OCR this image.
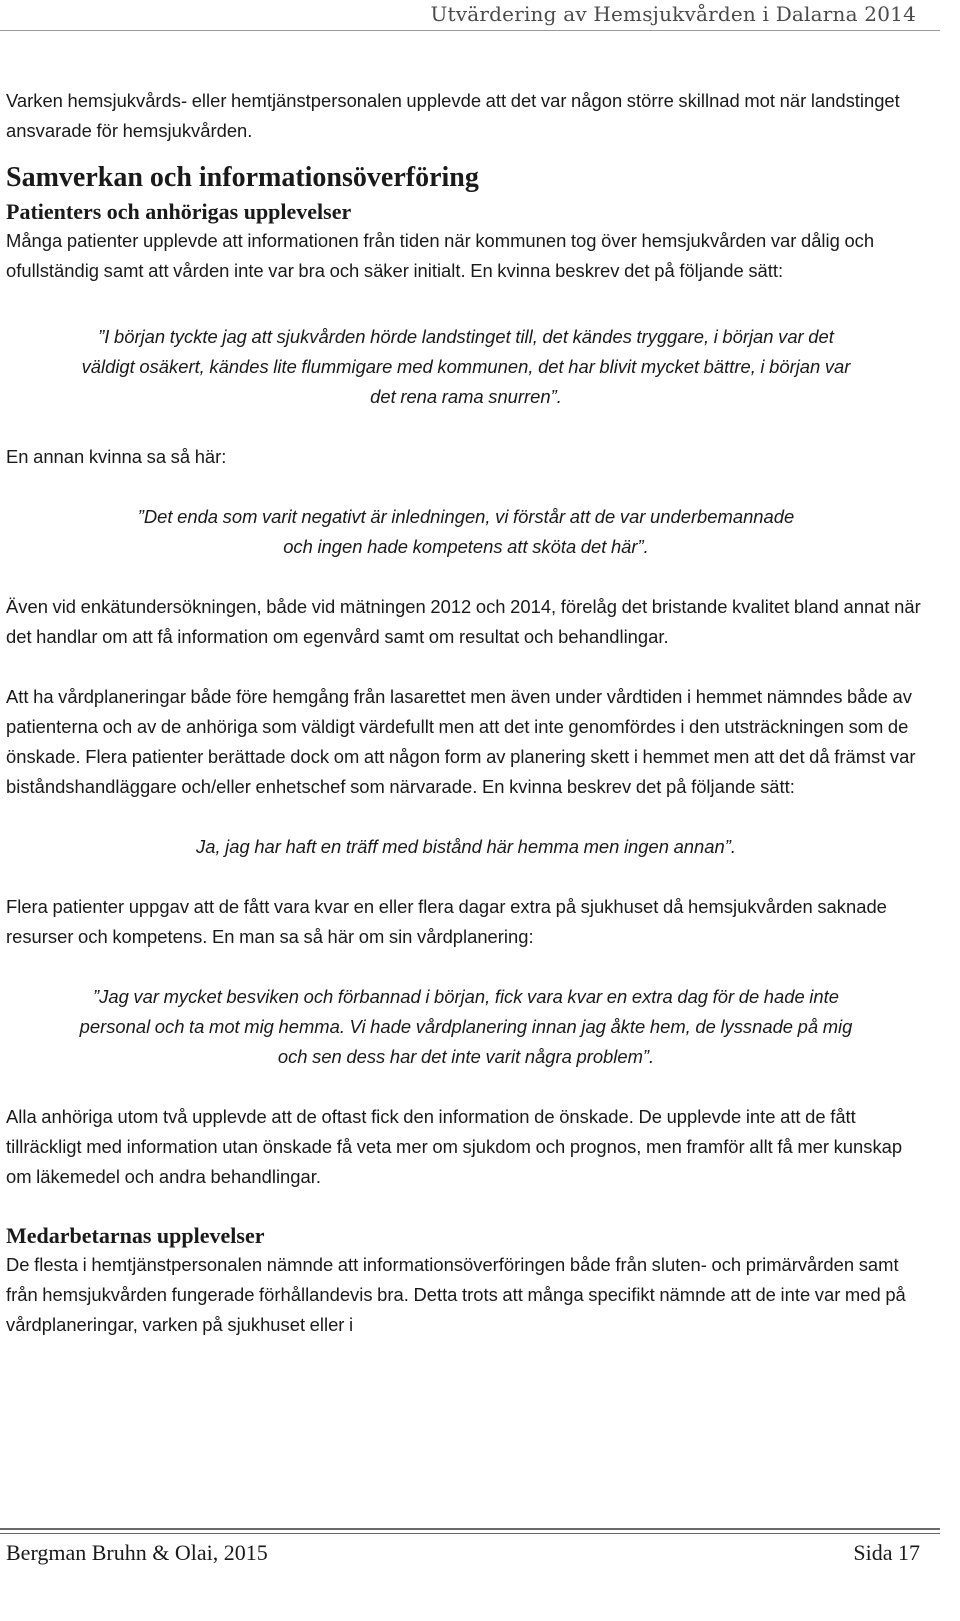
Utvärdering av Hemsjukvården i Dalarna 2014

Varken hemsjukvårds- eller hemtjänstpersonalen upplevde att det var någon större skillnad mot när landstinget ansvarade för hemsjukvården.

Samverkan och informationsöverföring
Patienters och anhörigas upplevelser

Många patienter upplevde att informationen från tiden när kommunen tog över hemsjukvården var dålig och ofullständig samt att vården inte var bra och säker initialt. En kvinna beskrev det på följande sätt:

”I början tyckte jag att sjukvården hörde landstinget till, det kändes tryggare, i början var det väldigt osäkert, kändes lite flummigare med kommunen, det har blivit mycket bättre, i början var det rena rama snurren”.

En annan kvinna sa så här:

”Det enda som varit negativt är inledningen, vi förstår att de var underbemannade och ingen hade kompetens att sköta det här”.

Även vid enkätundersökningen, både vid mätningen 2012 och 2014, förelåg det bristande kvalitet bland annat när det handlar om att få information om egenvård samt om resultat och behandlingar.

Att ha vårdplaneringar både före hemgång från lasarettet men även under vårdtiden i hemmet nämndes både av patienterna och av de anhöriga som väldigt värdefullt men att det inte genomfördes i den utsträckningen som de önskade. Flera patienter berättade dock om att någon form av planering skett i hemmet men att det då främst var biståndshandläggare och/eller enhetschef som närvarade. En kvinna beskrev det på följande sätt:

Ja, jag har haft en träff med bistånd här hemma men ingen annan”.

Flera patienter uppgav att de fått vara kvar en eller flera dagar extra på sjukhuset då hemsjukvården saknade resurser och kompetens. En man sa så här om sin vårdplanering:

”Jag var mycket besviken och förbannad i början, fick vara kvar en extra dag för de hade inte personal och ta mot mig hemma. Vi hade vårdplanering innan jag åkte hem, de lyssnade på mig och sen dess har det inte varit några problem”.

Alla anhöriga utom två upplevde att de oftast fick den information de önskade. De upplevde inte att de fått tillräckligt med information utan önskade få veta mer om sjukdom och prognos, men framför allt få mer kunskap om läkemedel och andra behandlingar.

Medarbetarnas upplevelser

De flesta i hemtjänstpersonalen nämnde att informationsöverföringen både från sluten- och primärvården samt från hemsjukvården fungerade förhållandevis bra. Detta trots att många specifikt nämnde att de inte var med på vårdplaneringar, varken på sjukhuset eller i

Bergman Bruhn & Olai, 2015	Sida 17
